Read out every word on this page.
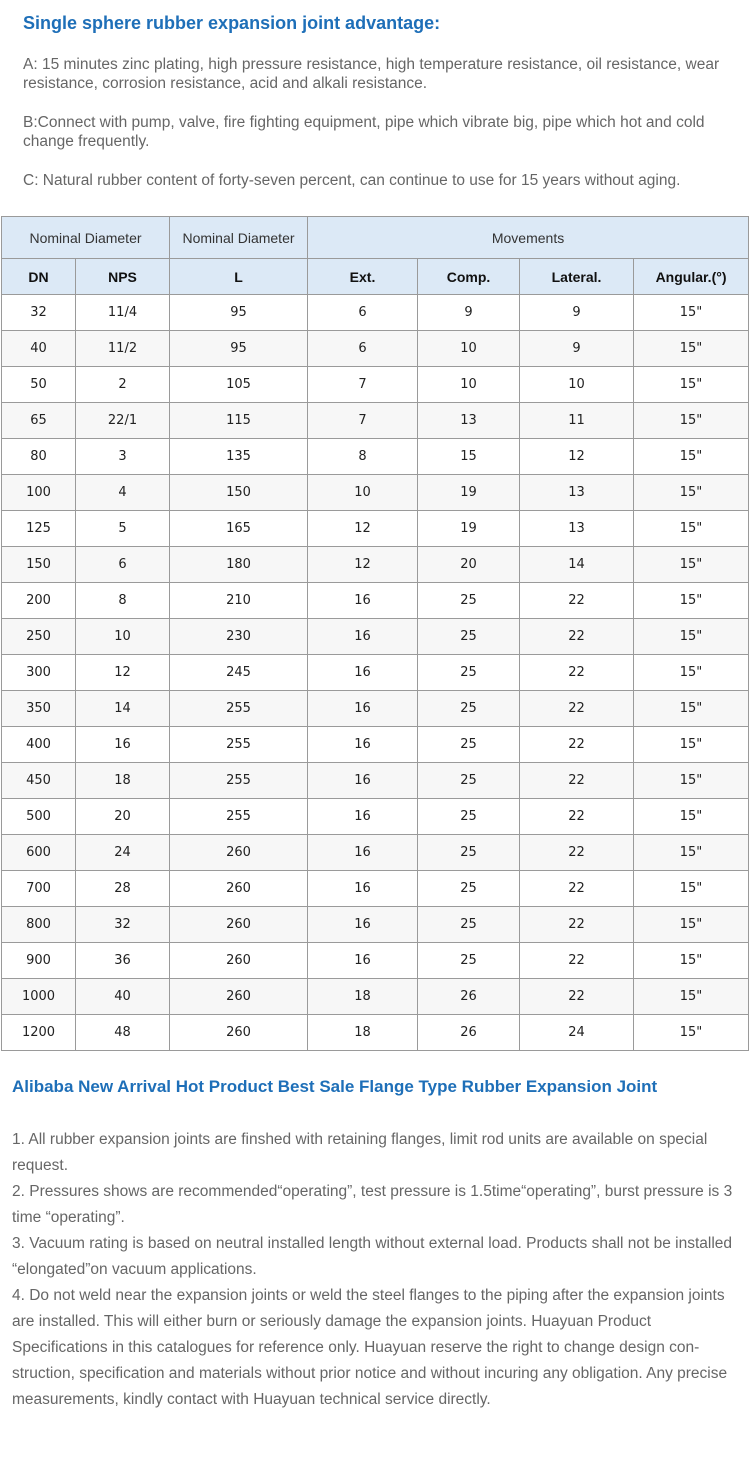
Single sphere rubber expansion joint advantage:

A: 15 minutes zinc plating, high pressure resistance, high temperature resistance, oil resistance, wear resistance, corrosion resistance, acid and alkali resistance.

B:Connect with pump, valve, fire fighting equipment, pipe which vibrate big, pipe which hot and cold change frequently.

C: Natural rubber content of forty-seven percent, can continue to use for 15 years without aging.

Nominal Diameter		Nominal Diameter	Movements			
DN	NPS	L	Ext.	Comp.	Lateral.	Angular.(°)
32	11/4	95	6	9	9	15"
40	11/2	95	6	10	9	15"
50	2	105	7	10	10	15"
65	22/1	115	7	13	11	15"
80	3	135	8	15	12	15"
100	4	150	10	19	13	15"
125	5	165	12	19	13	15"
150	6	180	12	20	14	15"
200	8	210	16	25	22	15"
250	10	230	16	25	22	15"
300	12	245	16	25	22	15"
350	14	255	16	25	22	15"
400	16	255	16	25	22	15"
450	18	255	16	25	22	15"
500	20	255	16	25	22	15"
600	24	260	16	25	22	15"
700	28	260	16	25	22	15"
800	32	260	16	25	22	15"
900	36	260	16	25	22	15"
1000	40	260	18	26	22	15"
1200	48	260	18	26	24	15"
Alibaba New Arrival Hot Product Best Sale Flange Type Rubber Expansion Joint

1. All rubber expansion joints are finshed with retaining flanges, limit rod units are available on special request.

2. Pressures shows are recommended“operating”, test pressure is 1.5time“operating”, burst pressure is 3 time “operating”.

3. Vacuum rating is based on neutral installed length without external load. Products shall not be installed “elongated”on vacuum applications.

4. Do not weld near the expansion joints or weld the steel flanges to the piping after the expansion joints are installed. This will either burn or seriously damage the expansion joints. Huayuan Product Specifications in this catalogues for reference only. Huayuan reserve the right to change design con-struction, specification and materials without prior notice and without incuring any obligation. Any precise measurements, kindly contact with Huayuan technical service directly.
